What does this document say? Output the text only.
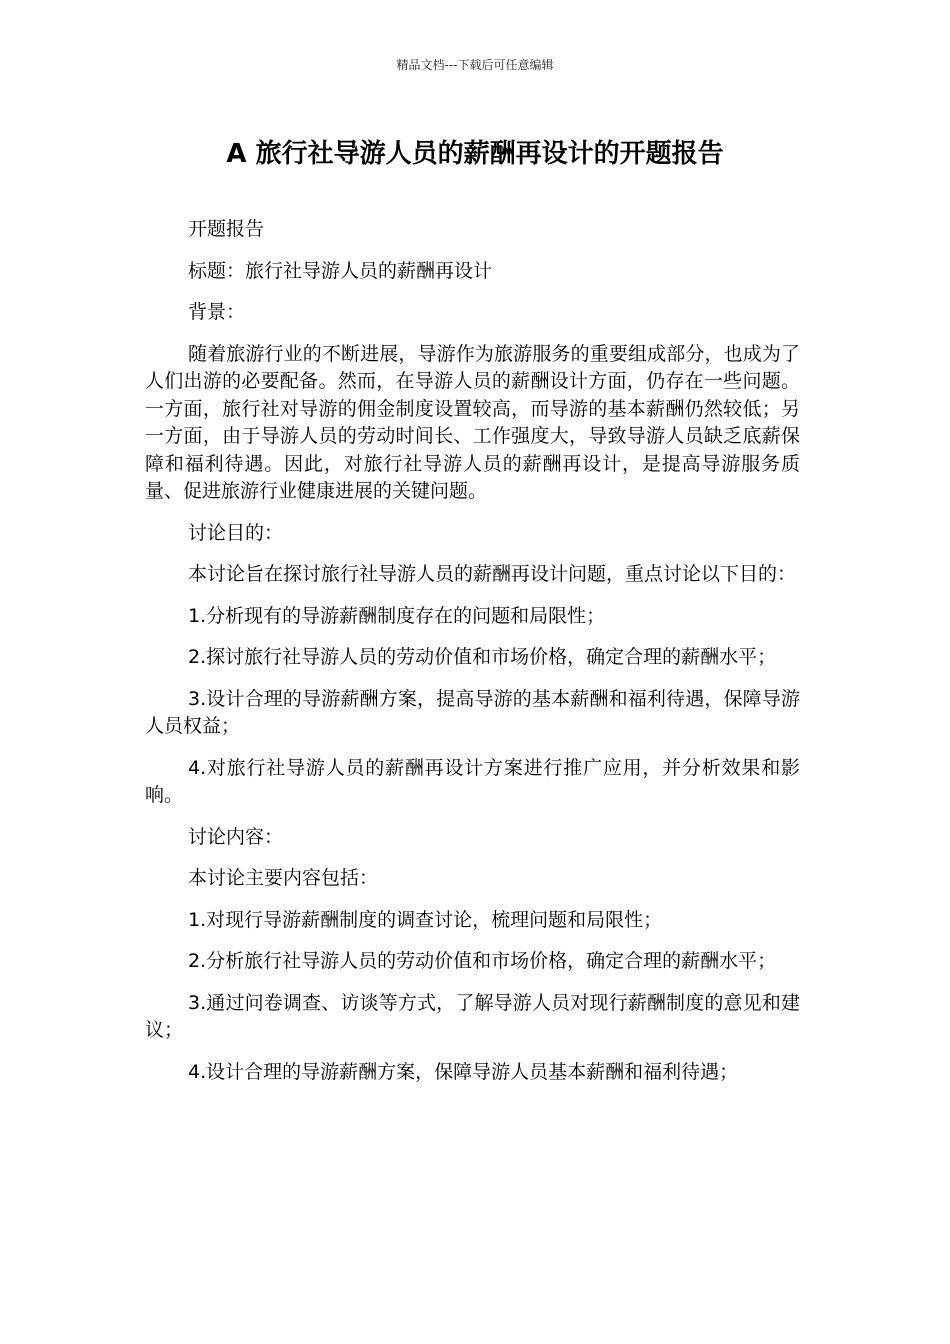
精品文档---下载后可任意编辑
A 旅行社导游人员的薪酬再设计的开题报告

开题报告

标题：旅行社导游人员的薪酬再设计

背景：

随着旅游行业的不断进展，导游作为旅游服务的重要组成部分，也成为了人们出游的必要配备。然而，在导游人员的薪酬设计方面，仍存在一些问题。一方面，旅行社对导游的佣金制度设置较高，而导游的基本薪酬仍然较低；另一方面，由于导游人员的劳动时间长、工作强度大，导致导游人员缺乏底薪保障和福利待遇。因此，对旅行社导游人员的薪酬再设计，是提高导游服务质量、促进旅游行业健康进展的关键问题。

讨论目的：

本讨论旨在探讨旅行社导游人员的薪酬再设计问题，重点讨论以下目的：

1.分析现有的导游薪酬制度存在的问题和局限性；

2.探讨旅行社导游人员的劳动价值和市场价格，确定合理的薪酬水平；

3.设计合理的导游薪酬方案，提高导游的基本薪酬和福利待遇，保障导游人员权益；

4.对旅行社导游人员的薪酬再设计方案进行推广应用，并分析效果和影响。

讨论内容：

本讨论主要内容包括：

1.对现行导游薪酬制度的调查讨论，梳理问题和局限性；

2.分析旅行社导游人员的劳动价值和市场价格，确定合理的薪酬水平；

3.通过问卷调查、访谈等方式，了解导游人员对现行薪酬制度的意见和建议；

4.设计合理的导游薪酬方案，保障导游人员基本薪酬和福利待遇；
